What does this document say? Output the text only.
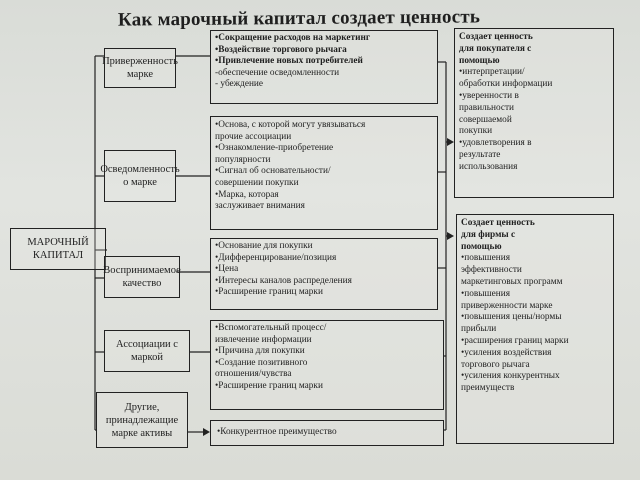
Как марочный капитал создает ценность
МАРОЧНЫЙ КАПИТАЛ
Приверженность марке
Осведомленность о марке
Воспринимаемое качество
Ассоциации с маркой
Другие, принадлежащие марке активы
•Сокращение расходов на маркетинг
•Воздействие торгового рычага
•Привлечение новых потребителей
-обеспечение осведомленности
- убеждение
•Основа, с которой могут увязываться
прочие ассоциации
•Ознакомление-приобретение
популярности
•Сигнал об основательности/
совершении покупки
•Марка, которая
заслуживает внимания
•Основание для покупки
•Дифференцирование/позиция
•Цена
•Интересы каналов распределения
•Расширение границ марки
•Вспомогательный процесс/
извлечение информации
•Причина для покупки
•Создание позитивного
отношения/чувства
•Расширение границ марки
•Конкурентное преимущество
Создает ценность
для покупателя с
помощью
•интерпретации/
обработки информации
•уверенности в
правильности
совершаемой
покупки
•удовлетворения в
результате
использования
Создает ценность
для фирмы с
помощью
•повышения
эффективности
маркетинговых программ
•повышения
приверженности марке
•повышения цены/нормы
прибыли
•расширения границ марки
•усиления воздействия
торгового рычага
•усиления конкурентных
преимуществ
